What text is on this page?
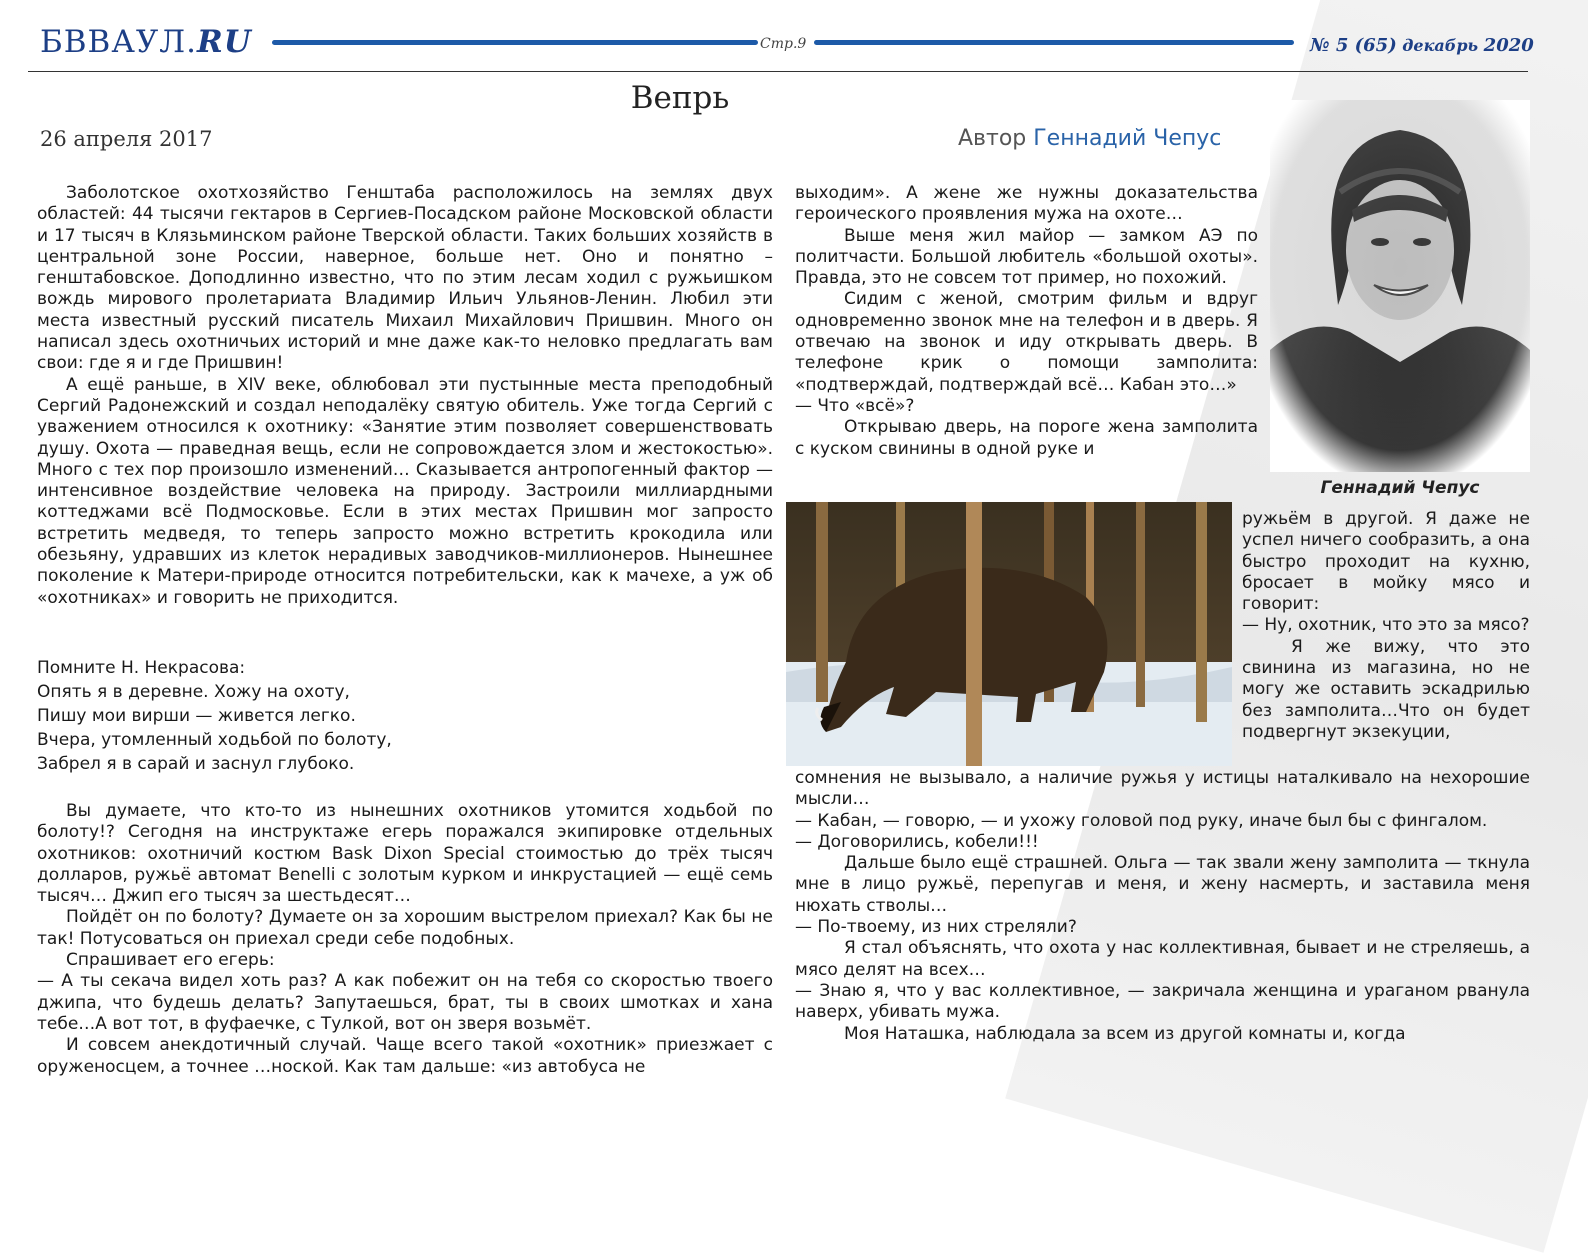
БВВАУЛ.RU	Стр.9	№ 5 (65) декабрь 2020
Вепрь
26 апреля 2017	Автор Геннадий Чепус

Заболотское охотхозяйство Генштаба расположилось на землях двух областей: 44 тысячи гектаров в Сергиев-Посадском районе Московской области и 17 тысяч в Клязьминском районе Тверской области. Таких больших хозяйств в центральной зоне России, наверное, больше нет. Оно и понятно – генштабовское. Доподлинно известно, что по этим лесам ходил с ружьишком вождь мирового пролетариата Владимир Ильич Ульянов-Ленин. Любил эти места известный русский писатель Михаил Михайлович Пришвин. Много он написал здесь охотничьих историй и мне даже как-то неловко предлагать вам свои: где я и где Пришвин!

А ещё раньше, в XIV веке, облюбовал эти пустынные места преподобный Сергий Радонежский и создал неподалёку святую обитель. Уже тогда Сергий с уважением относился к охотнику: «Занятие этим позволяет совершенствовать душу. Охота — праведная вещь, если не сопровождается злом и жестокостью». Много с тех пор произошло изменений… Сказывается антропогенный фактор — интенсивное воздействие человека на природу. Застроили миллиардными коттеджами всё Подмосковье. Если в этих местах Пришвин мог запросто встретить медведя, то теперь запросто можно встретить крокодила или обезьяну, удравших из клеток нерадивых заводчиков-миллионеров. Нынешнее поколение к Матери-природе относится потребительски, как к мачехе, а уж об «охотниках» и говорить не приходится.

Помните Н. Некрасова:

Опять я в деревне. Хожу на охоту,

Пишу мои вирши — живется легко.

Вчера, утомленный ходьбой по болоту,

Забрел я в сарай и заснул глубоко.

Вы думаете, что кто-то из нынешних охотников утомится ходьбой по болоту!? Сегодня на инструктаже егерь поражался экипировке отдельных охотников: охотничий костюм Bask Dixon Special стоимостью до трёх тысяч долларов, ружьё автомат Benelli с золотым курком и инкрустацией — ещё семь тысяч… Джип его тысяч за шестьдесят…

Пойдёт он по болоту? Думаете он за хорошим выстрелом приехал? Как бы не так! Потусоваться он приехал среди себе подобных.

Спрашивает его егерь:

— А ты секача видел хоть раз? А как побежит он на тебя со скоростью твоего джипа, что будешь делать? Запутаешься, брат, ты в своих шмотках и хана тебе…А вот тот, в фуфаечке, с Тулкой, вот он зверя возьмёт.

И совсем анекдотичный случай. Чаще всего такой «охотник» приезжает с оруженосцем, а точнее …ноской. Как там дальше: «из автобуса не

выходим». А жене же нужны доказательства героического проявления мужа на охоте…

Выше меня жил майор — замком АЭ по политчасти. Большой любитель «большой охоты». Правда, это не совсем тот пример, но похожий.

Сидим с женой, смотрим фильм и вдруг одновременно звонок мне на телефон и в дверь. Я отвечаю на звонок и иду открывать дверь. В телефоне крик о помощи замполита: «подтверждай, подтверждай всё… Кабан это…»

— Что «всё»?

Открываю дверь, на пороге жена замполита с куском свинины в одной руке и

Геннадий Чепус

ружьём в другой. Я даже не успел ничего сообразить, а она быстро проходит на кухню, бросает в мойку мясо и говорит:

— Ну, охотник, что это за мясо?

Я же вижу, что это свинина из магазина, но не могу же оставить эскадрилью без замполита…Что он будет подвергнут экзекуции,

сомнения не вызывало, а наличие ружья у истицы наталкивало на нехорошие мысли…

— Кабан, — говорю, — и ухожу головой под руку, иначе был бы с фингалом.

— Договорились, кобели!!!

Дальше было ещё страшней. Ольга — так звали жену замполита — ткнула мне в лицо ружьё, перепугав и меня, и жену насмерть, и заставила меня нюхать стволы…

— По-твоему, из них стреляли?

Я стал объяснять, что охота у нас коллективная, бывает и не стреляешь, а мясо делят на всех…

— Знаю я, что у вас коллективное, — закричала женщина и ураганом рванула наверх, убивать мужа.

Моя Наташка, наблюдала за всем из другой комнаты и, когда
